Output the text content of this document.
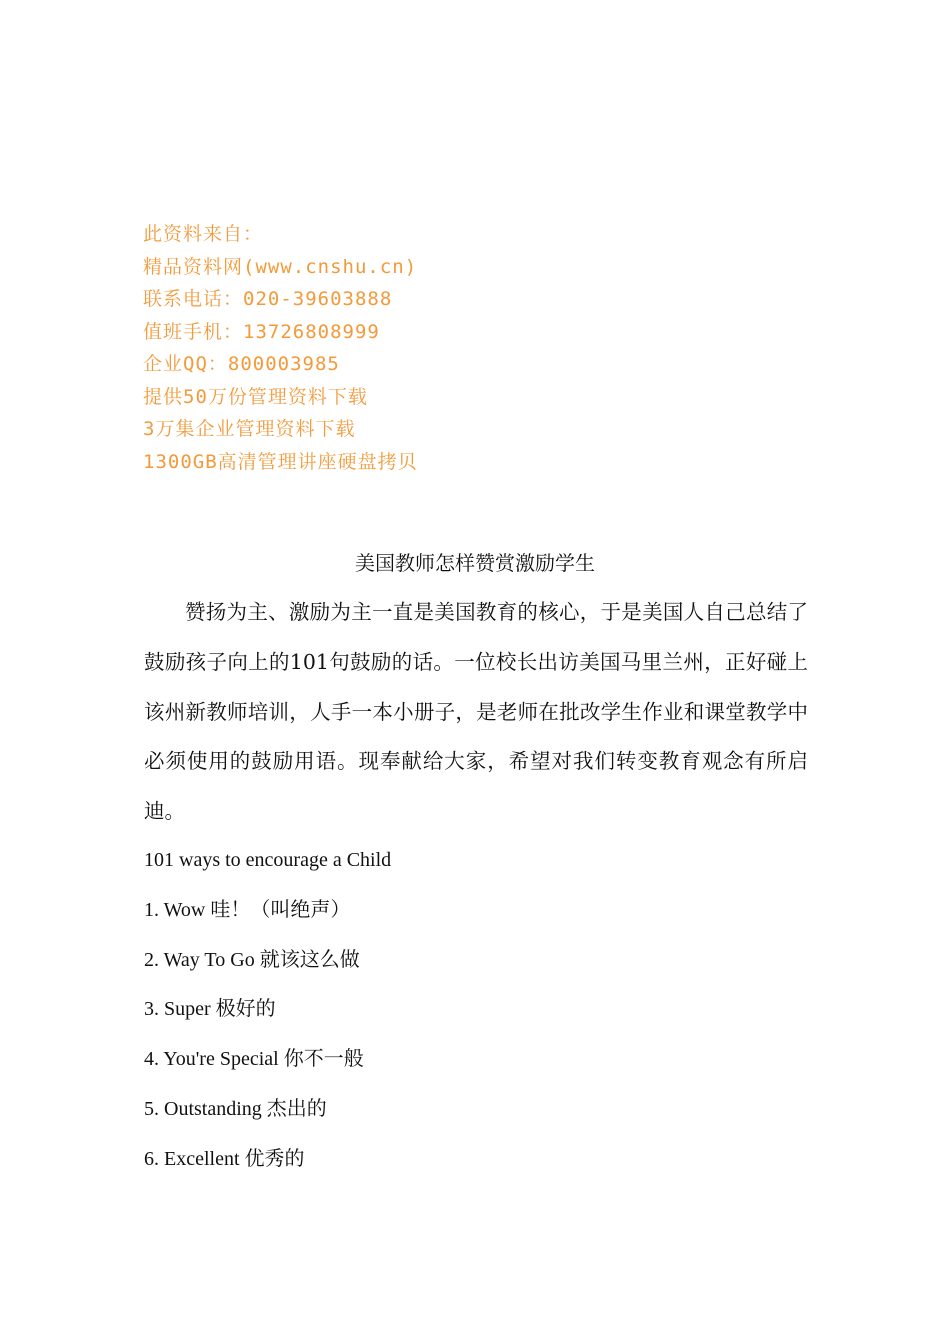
此资料来自：
精品资料网(www.cnshu.cn)
联系电话：020-39603888
值班手机：13726808999
企业QQ：800003985
提供50万份管理资料下载
3万集企业管理资料下载
1300GB高清管理讲座硬盘拷贝
美国教师怎样赞赏激励学生

赞扬为主、激励为主一直是美国教育的核心，于是美国人自己总结了鼓励孩子向上的101句鼓励的话。一位校长出访美国马里兰州，正好碰上该州新教师培训，人手一本小册子，是老师在批改学生作业和课堂教学中必须使用的鼓励用语。现奉献给大家，希望对我们转变教育观念有所启迪。

101 ways to encourage a Child
1. Wow 哇！（叫绝声）
2. Way To Go 就该这么做
3. Super 极好的
4. You're Special 你不一般
5. Outstanding 杰出的
6. Excellent 优秀的
